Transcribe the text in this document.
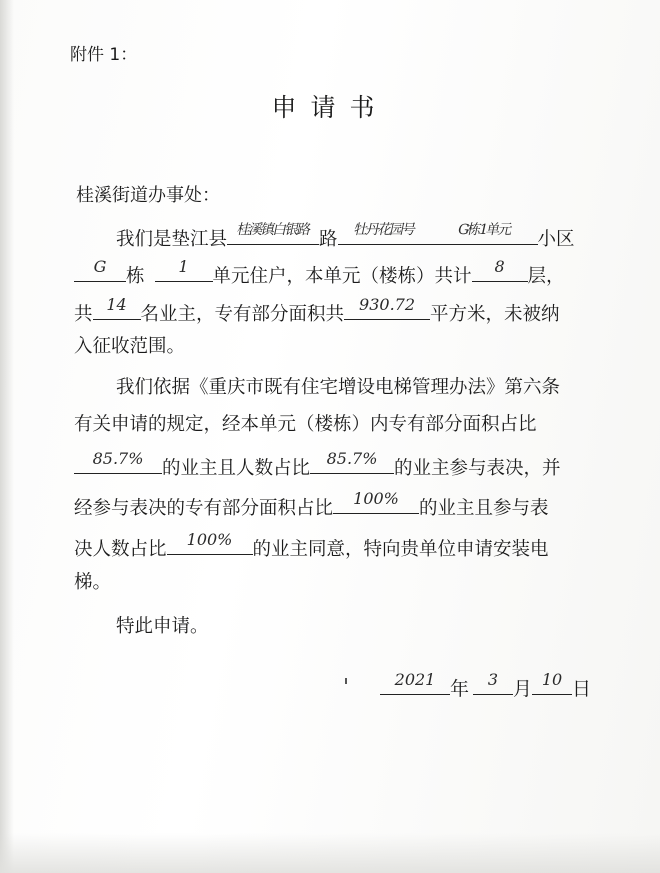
附件 1：
申请书
桂溪街道办事处：
我们是垫江县 桂溪镇白银路 路	牡丹花园号	G栋1单元	小区
G	栋	1	单元住户，本单元（楼栋）共计	8	层，
共 14 名业主，专有部分面积共 930.72 平方米，未被纳
入征收范围。
我们依据《重庆市既有住宅增设电梯管理办法》第六条
有关申请的规定，经本单元（楼栋）内专有部分面积占比
85.7%	的业主且人数占比	85.7% 的业主参与表决，并
经参与表决的专有部分面积占比	100%	的业主且参与表
决人数占比	100%	的业主同意，特向贵单位申请安装电
梯。
特此申请。
2021 年	3 月 10 日
